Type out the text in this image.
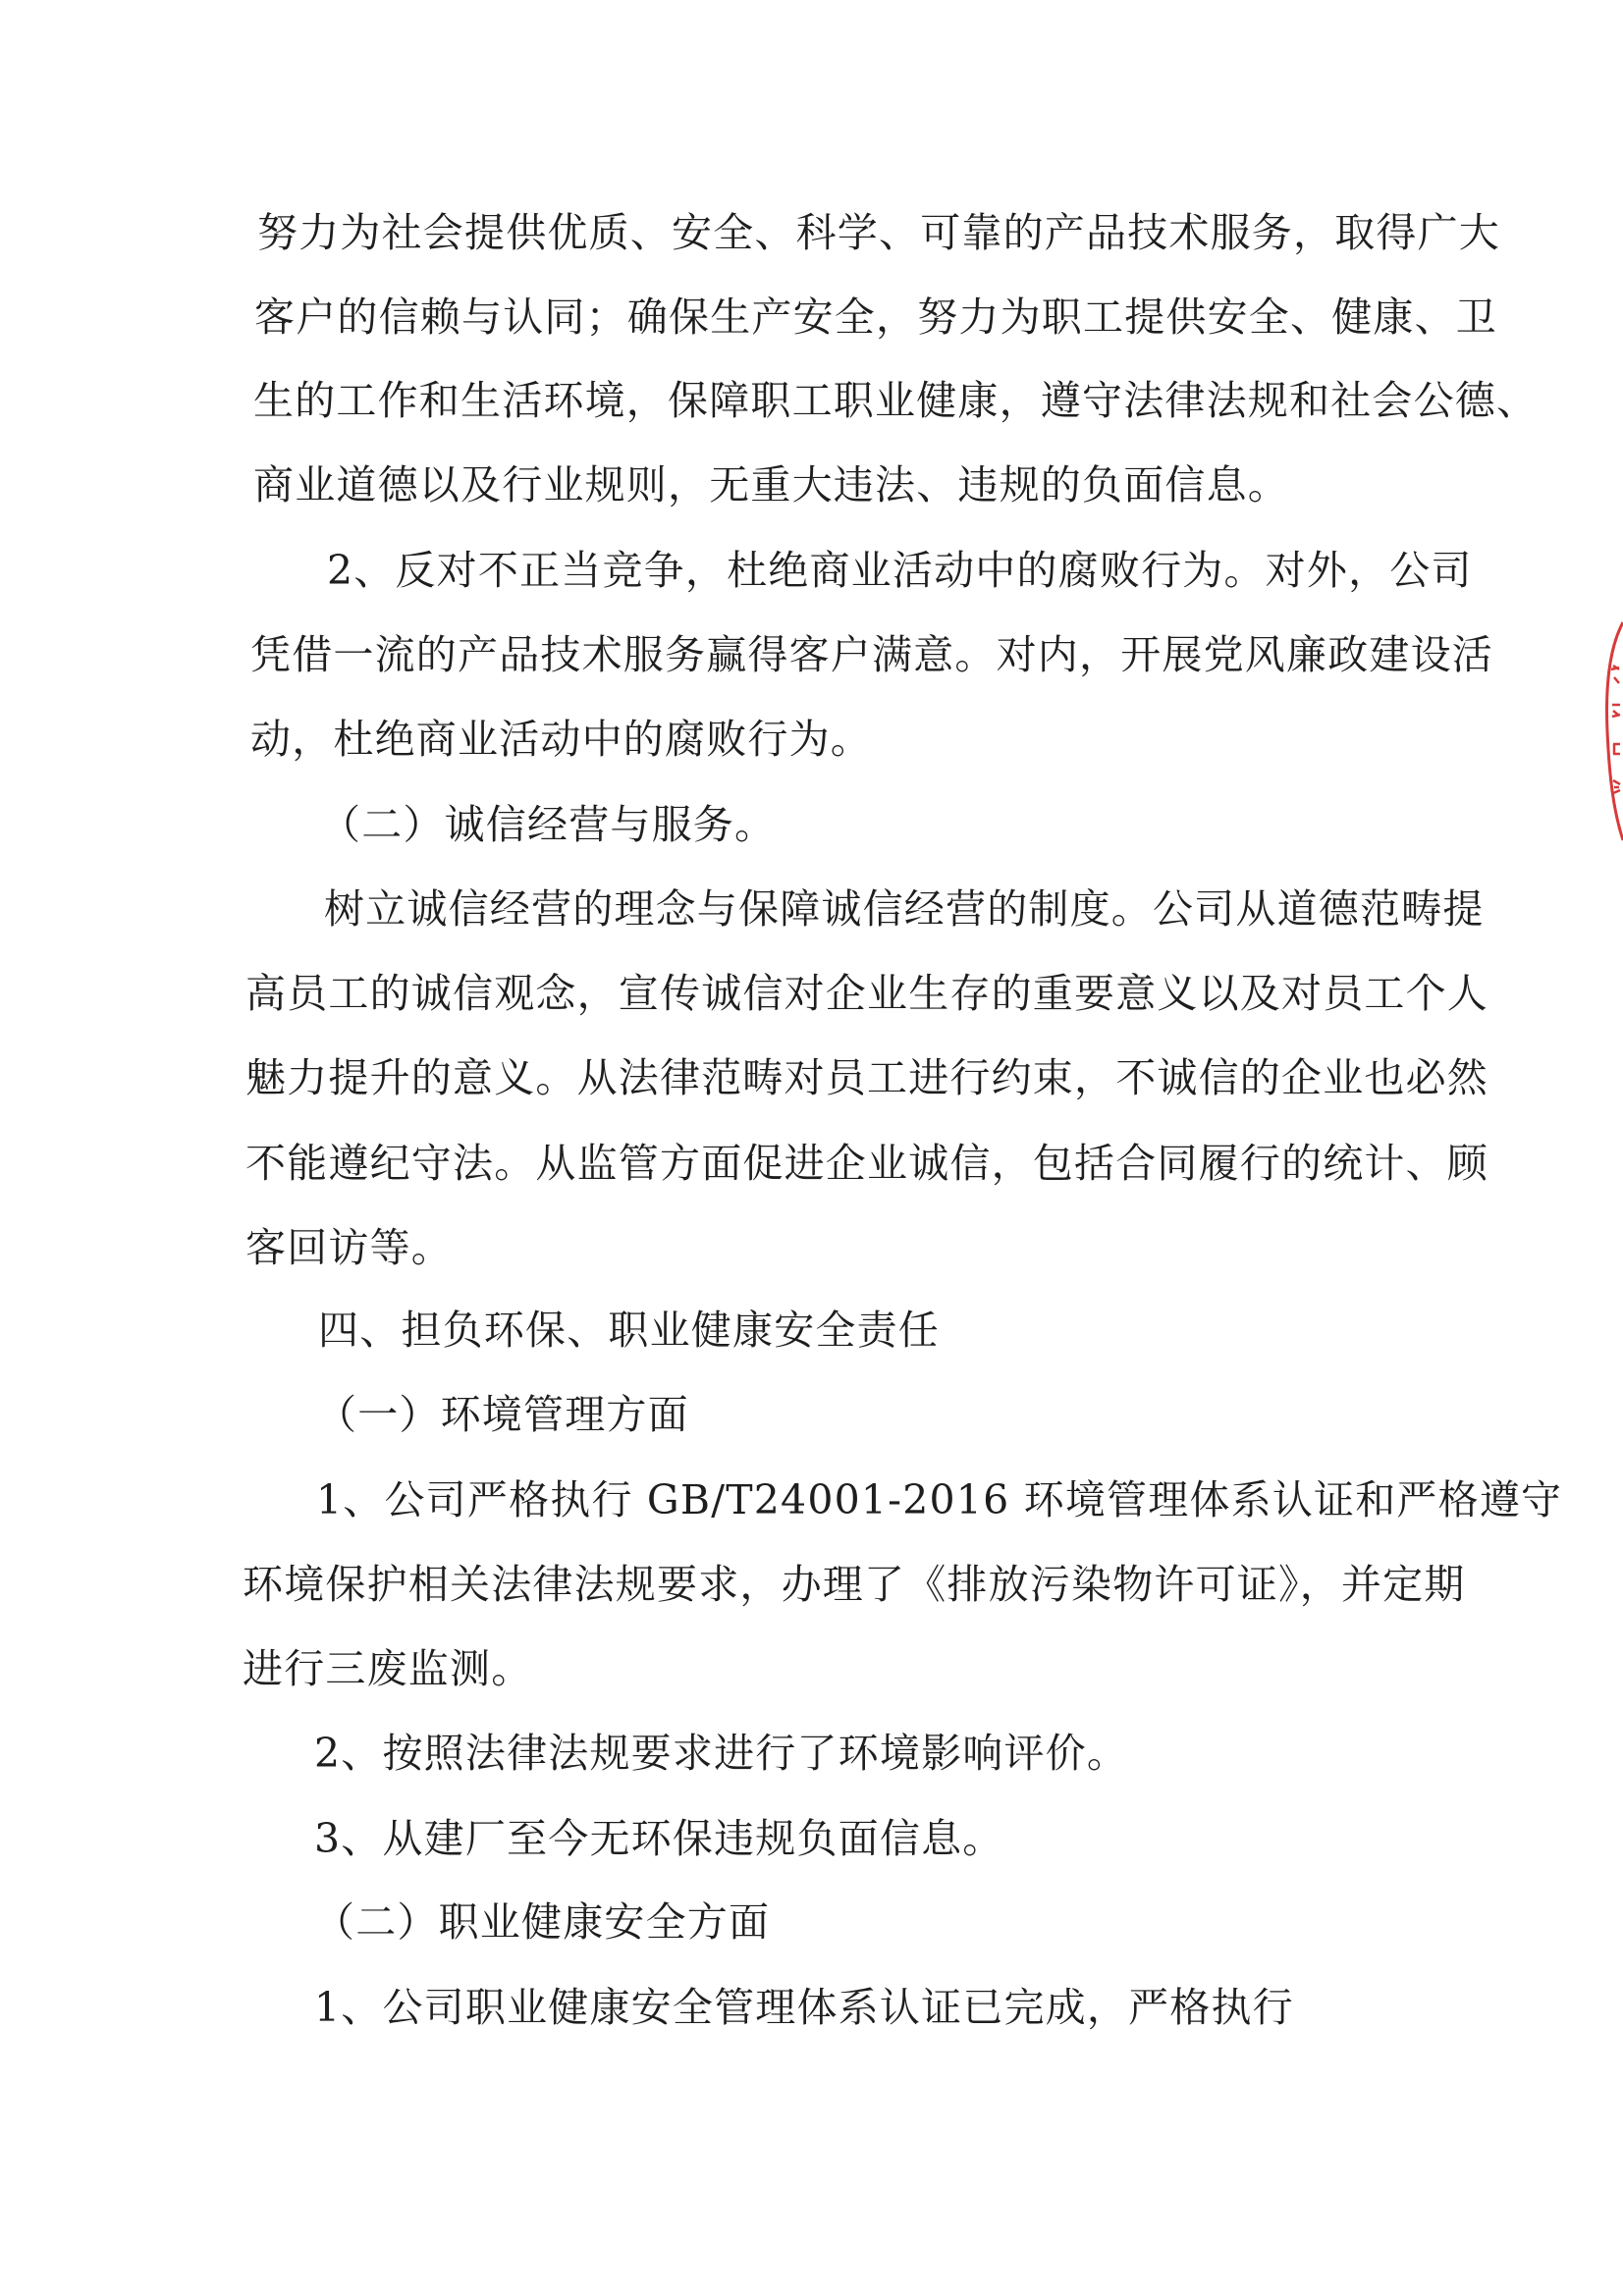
努力为社会提供优质、安全、科学、可靠的产品技术服务，取得广大
客户的信赖与认同；确保生产安全，努力为职工提供安全、健康、卫
生的工作和生活环境，保障职工职业健康，遵守法律法规和社会公德、
商业道德以及行业规则，无重大违法、违规的负面信息。
2、反对不正当竞争，杜绝商业活动中的腐败行为。对外，公司
凭借一流的产品技术服务赢得客户满意。对内，开展党风廉政建设活
动，杜绝商业活动中的腐败行为。
（二）诚信经营与服务。
树立诚信经营的理念与保障诚信经营的制度。公司从道德范畴提
高员工的诚信观念，宣传诚信对企业生存的重要意义以及对员工个人
魅力提升的意义。从法律范畴对员工进行约束，不诚信的企业也必然
不能遵纪守法。从监管方面促进企业诚信，包括合同履行的统计、顾
客回访等。
四、担负环保、职业健康安全责任
（一）环境管理方面
1、公司严格执行 GB/T24001-2016 环境管理体系认证和严格遵守
环境保护相关法律法规要求，办理了《排放污染物许可证》，并定期
进行三废监测。
2、按照法律法规要求进行了环境影响评价。
3、从建厂至今无环保违规负面信息。
（二）职业健康安全方面
1、公司职业健康安全管理体系认证已完成，严格执行
